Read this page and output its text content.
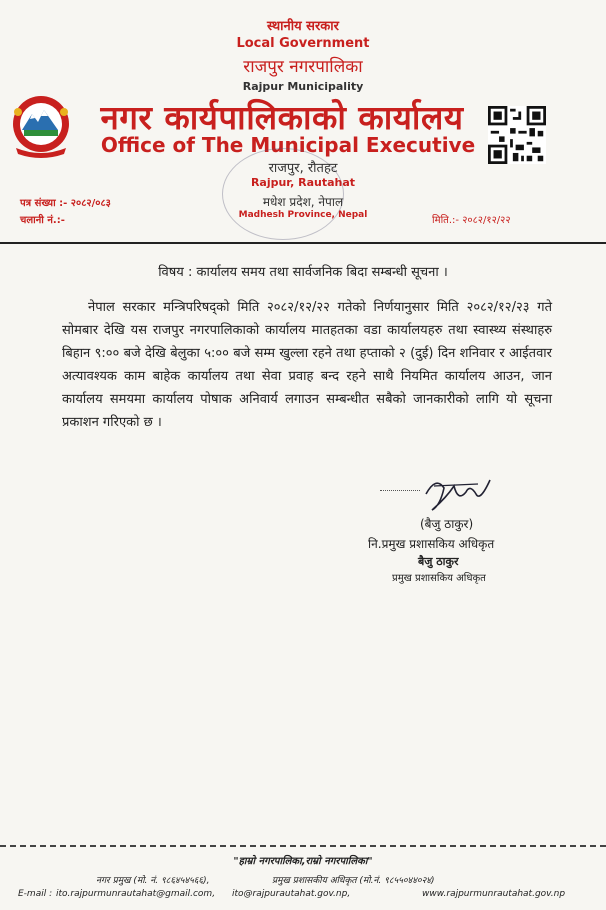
स्थानीय सरकार
Local Government
राजपुर नगरपालिका
Rajpur Municipality
नगर कार्यपालिकाको कार्यालय
Office of The Municipal Executive
राजपुर, रौतहट
Rajpur, Rautahat
मधेश प्रदेश, नेपाल
Madhesh Province, Nepal
पत्र संख्या :- २०८२/०८३
चलानी नं.:-	मिति.:- २०८२/१२/२२
विषय : कार्यालय समय तथा सार्वजनिक बिदा सम्बन्धी सूचना ।

नेपाल सरकार मन्त्रिपरिषद्को मिति २०८२/१२/२२ गतेको निर्णयानुसार मिति २०८२/१२/२३ गते सोमबार देखि यस राजपुर नगरपालिकाको कार्यालय मातहतका वडा कार्यालयहरु तथा स्वास्थ्य संस्थाहरु बिहान ९:०० बजे देखि बेलुका ५:०० बजे सम्म खुल्ला रहने तथा हप्ताको २ (दुई) दिन शनिवार र आईतवार अत्यावश्यक काम बाहेक कार्यालय तथा सेवा प्रवाह बन्द रहने साथै नियमित कार्यालय आउन, जान कार्यालय समयमा कार्यालय पोषाक अनिवार्य लगाउन सम्बन्धीत सबैको जानकारीको लागि यो सूचना प्रकाशन गरिएको छ ।

(बैजु ठाकुर)
नि.प्रमुख प्रशासकिय अधिकृत
बैजु ठाकुर
प्रमुख प्रशासकिय अधिकृत
"हाम्रो नगरपालिका,राम्रो नगरपालिका"
नगर प्रमुख (मो. नं. ९८६४५४५६६),	प्रमुख प्रशासकीय अधिकृत (मो.नं. ९८५५०४४०२४)
E-mail : ito.rajpurmunrautahat@gmail.com, ito@rajpurautahat.gov.np,	www.rajpurmunrautahat.gov.np
